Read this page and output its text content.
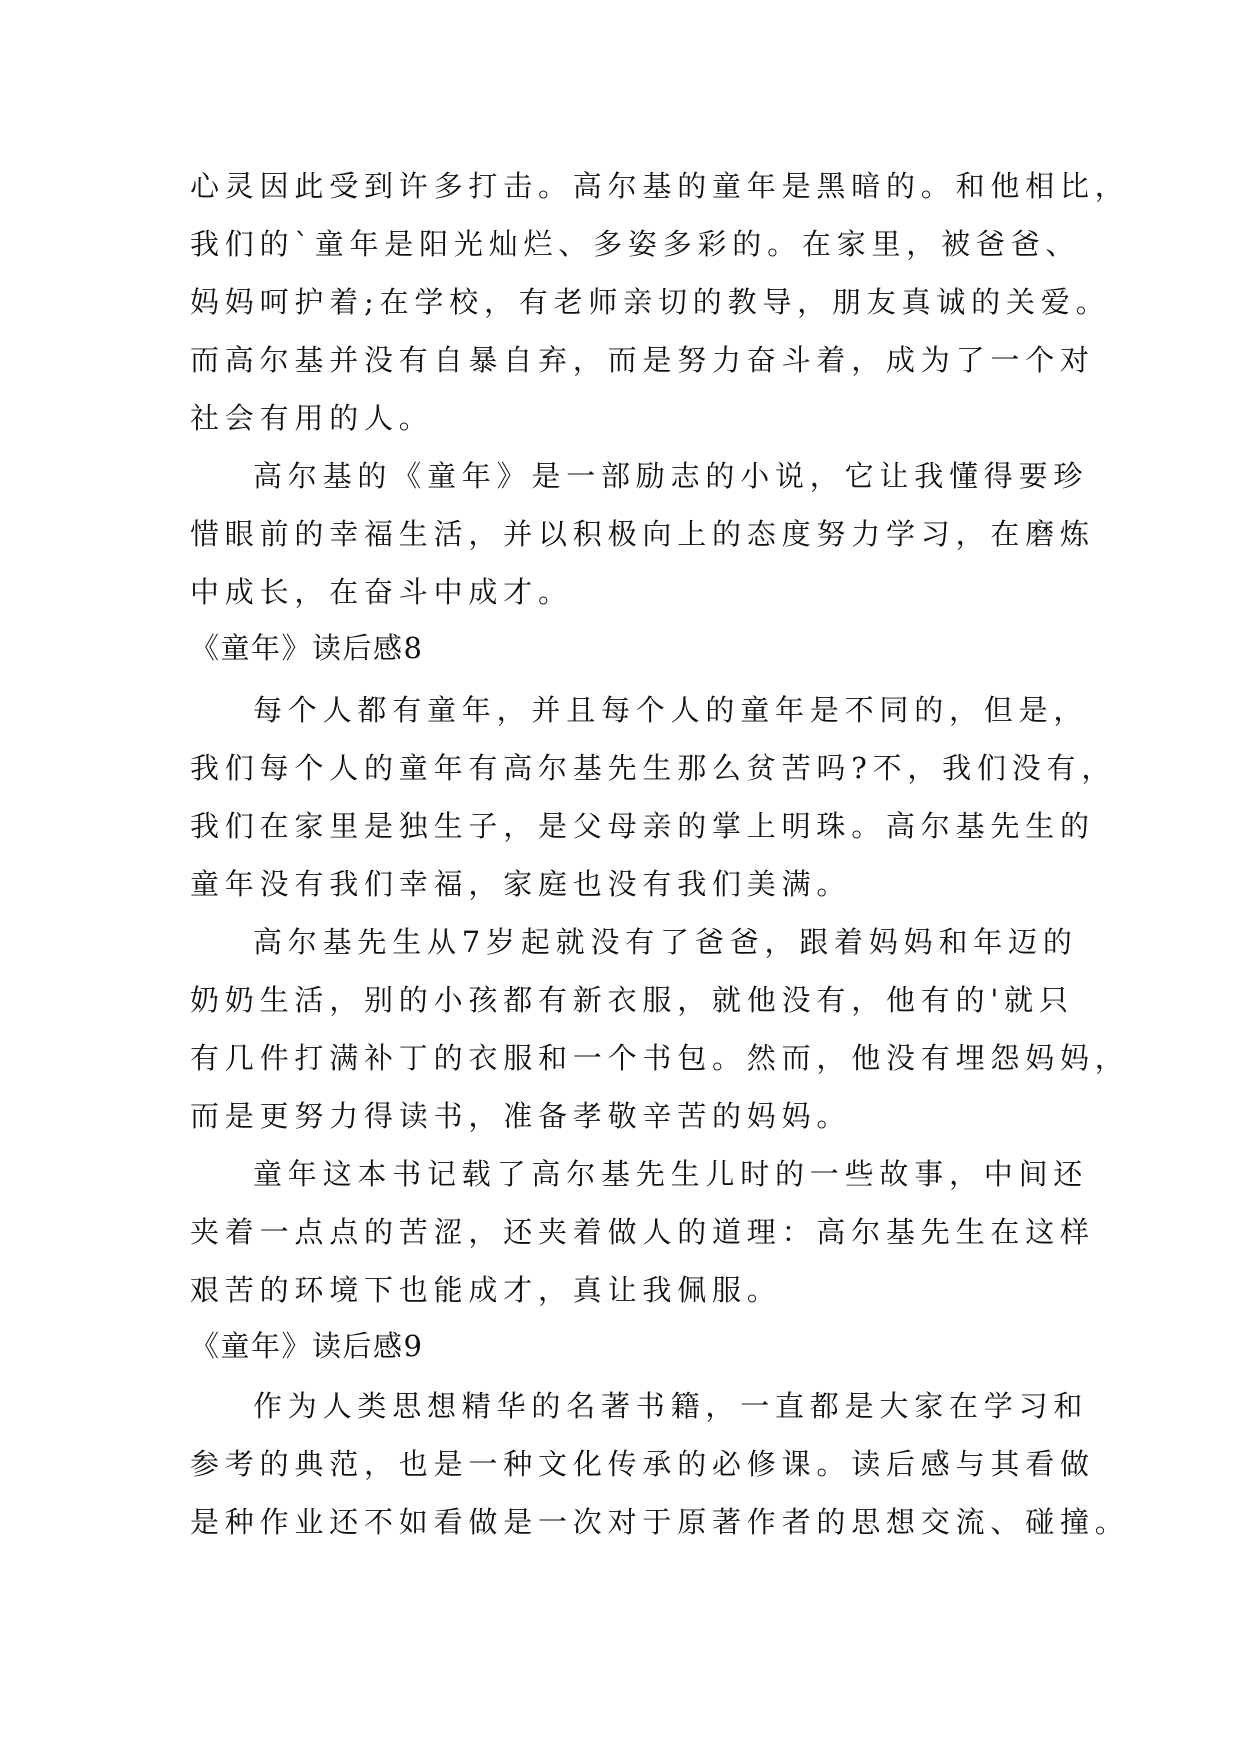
心灵因此受到许多打击。高尔基的童年是黑暗的。和他相比，
我们的`童年是阳光灿烂、多姿多彩的。在家里，被爸爸、
妈妈呵护着;在学校，有老师亲切的教导，朋友真诚的关爱。
而高尔基并没有自暴自弃，而是努力奋斗着，成为了一个对
社会有用的人。
高尔基的《童年》是一部励志的小说，它让我懂得要珍
惜眼前的幸福生活，并以积极向上的态度努力学习，在磨炼
中成长，在奋斗中成才。
《童年》读后感8
每个人都有童年，并且每个人的童年是不同的，但是，
我们每个人的童年有高尔基先生那么贫苦吗?不，我们没有，
我们在家里是独生子，是父母亲的掌上明珠。高尔基先生的
童年没有我们幸福，家庭也没有我们美满。
高尔基先生从7岁起就没有了爸爸，跟着妈妈和年迈的
奶奶生活，别的小孩都有新衣服，就他没有，他有的'就只
有几件打满补丁的衣服和一个书包。然而，他没有埋怨妈妈，
而是更努力得读书，准备孝敬辛苦的妈妈。
童年这本书记载了高尔基先生儿时的一些故事，中间还
夹着一点点的苦涩，还夹着做人的道理：高尔基先生在这样
艰苦的环境下也能成才，真让我佩服。
《童年》读后感9
作为人类思想精华的名著书籍，一直都是大家在学习和
参考的典范，也是一种文化传承的必修课。读后感与其看做
是种作业还不如看做是一次对于原著作者的思想交流、碰撞。
